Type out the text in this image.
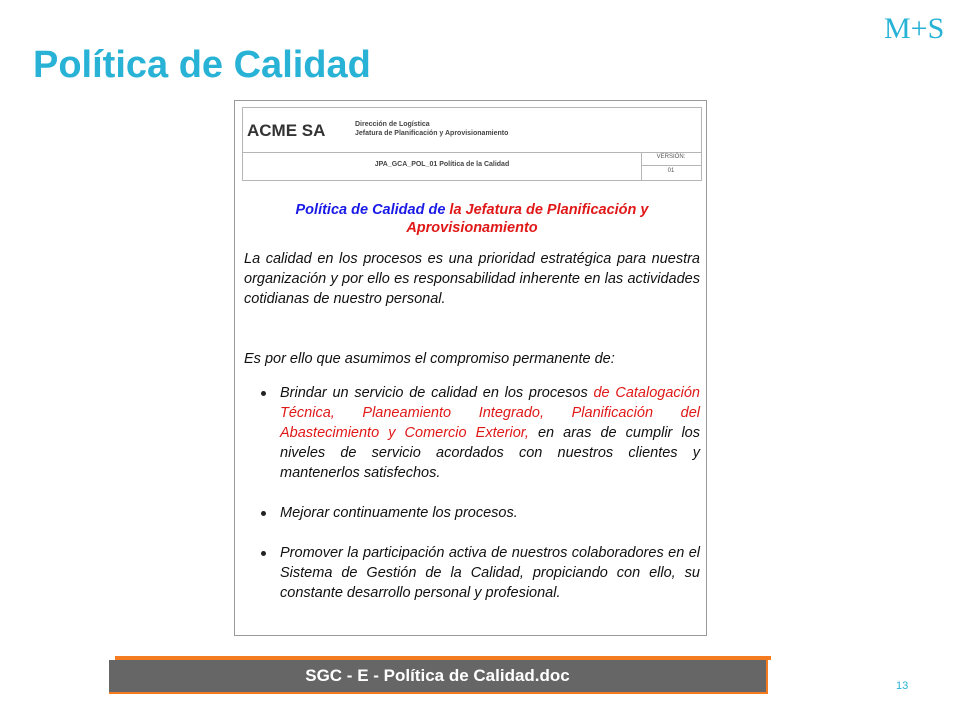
Política de Calidad
M+S
ACME SA	Dirección de Logística
Jefatura de Planificación y Aprovisionamiento
JPA_GCA_POL_01 Política de la Calidad
VERSIÓN:
01
Política de Calidad de la Jefatura de Planificación y Aprovisionamiento
La calidad en los procesos es una prioridad estratégica para nuestra organización y por ello es responsabilidad inherente en las actividades cotidianas de nuestro personal.
Es por ello que asumimos el compromiso permanente de:
Brindar un servicio de calidad en los procesos de Catalogación Técnica, Planeamiento Integrado, Planificación del Abastecimiento y Comercio Exterior, en aras de cumplir los niveles de servicio acordados con nuestros clientes y mantenerlos satisfechos.
Mejorar continuamente los procesos.
Promover la participación activa de nuestros colaboradores en el Sistema de Gestión de la Calidad, propiciando con ello, su constante desarrollo personal y profesional.
SGC - E - Política de Calidad.doc
13
